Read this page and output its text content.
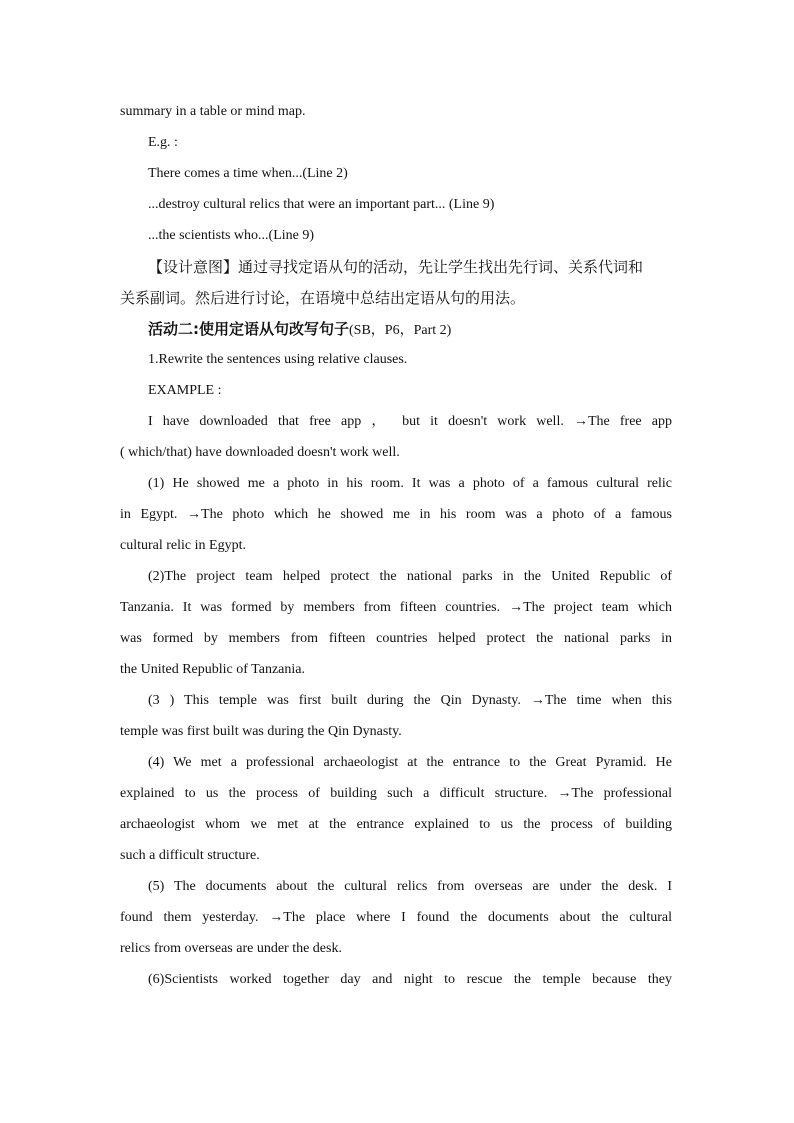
summary in a table or mind map.
E.g. :
There comes a time when...(Line 2)
...destroy cultural relics that were an important part... (Line 9)
...the scientists who...(Line 9)
【设计意图】通过寻找定语从句的活动，先让学生找出先行词、关系代词和
关系副词。然后进行讨论，在语境中总结出定语从句的用法。
活动二:使用定语从句改写句子(SB，P6，Part 2)
1.Rewrite the sentences using relative clauses.
EXAMPLE :
I have downloaded that free app ， but it doesn't work well. →The free app
( which/that) have downloaded doesn't work well.
(1) He showed me a photo in his room. It was a photo of a famous cultural relic
in Egypt. →The photo which he showed me in his room was a photo of a famous
cultural relic in Egypt.
(2)The project team helped protect the national parks in the United Republic of
Tanzania. It was formed by members from fifteen countries. →The project team which
was formed by members from fifteen countries helped protect the national parks in
the United Republic of Tanzania.
(3 ) This temple was first built during the Qin Dynasty. →The time when this
temple was first built was during the Qin Dynasty.
(4) We met a professional archaeologist at the entrance to the Great Pyramid. He
explained to us the process of building such a difficult structure. →The professional
archaeologist whom we met at the entrance explained to us the process of building
such a difficult structure.
(5) The documents about the cultural relics from overseas are under the desk. I
found them yesterday. →The place where I found the documents about the cultural
relics from overseas are under the desk.
(6)Scientists worked together day and night to rescue the temple because they
